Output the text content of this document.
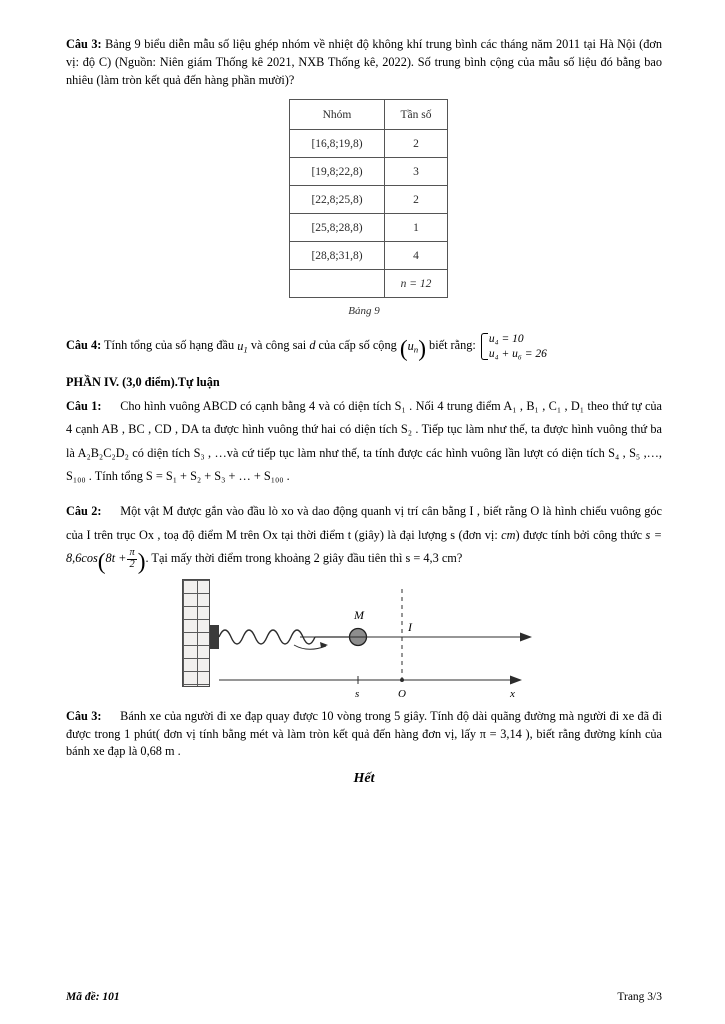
Câu 3: Bảng 9 biểu diễn mẫu số liệu ghép nhóm về nhiệt độ không khí trung bình các tháng năm 2011 tại Hà Nội (đơn vị: độ C) (Nguồn: Niên giám Thống kê 2021, NXB Thống kê, 2022). Số trung bình cộng của mẫu số liệu đó bằng bao nhiêu (làm tròn kết quả đến hàng phần mười)?

Nhóm	Tần số
[16,8;19,8)	2
[19,8;22,8)	3
[22,8;25,8)	2
[25,8;28,8)	1
[28,8;31,8)	4
	n = 12
Bảng 9

Câu 4: Tính tổng của số hạng đầu $u_1$ và công sai d của cấp số cộng $(u_n)$ biết rằng: u₄ = 10
u₄ + u₆ = 26

PHẦN IV. (3,0 điểm).Tự luận

Câu 1: Cho hình vuông ABCD có cạnh bằng 4 và có diện tích S₁ . Nối 4 trung điểm A₁ , B₁ , C₁ , D₁ theo thứ tự của 4 cạnh AB , BC , CD , DA ta được hình vuông thứ hai có diện tích S₂ . Tiếp tục làm như thế, ta được hình vuông thứ ba là A₂B₂C₂D₂ có diện tích S₃ , …và cứ tiếp tục làm như thế, ta tính được các hình vuông lần lượt có diện tích S₄ , S₅ ,…, S₁₀₀ . Tính tổng S = S₁ + S₂ + S₃ + … + S₁₀₀ .

Câu 2: Một vật M được gắn vào đầu lò xo và dao động quanh vị trí cân bằng I , biết rằng O là hình chiếu vuông góc của I trên trục Ox , toạ độ điểm M trên Ox tại thời điểm t (giây) là đại lượng s (đơn vị: cm) được tính bởi công thức $s = 8,6\cos(8t + \frac{\pi}{2}$ ). Tại mấy thời điểm trong khoảng 2 giây đầu tiên thì s = 4,3 cm?

M
I
s	O	x

Câu 3: Bánh xe của người đi xe đạp quay được 10 vòng trong 5 giây. Tính độ dài quãng đường mà người đi xe đã đi được trong 1 phút( đơn vị tính bằng mét và làm tròn kết quả đến hàng đơn vị, lấy π = 3,14 ), biết rằng đường kính của bánh xe đạp là 0,68 m .

Hết

Mã đề: 101	Trang 3/3
